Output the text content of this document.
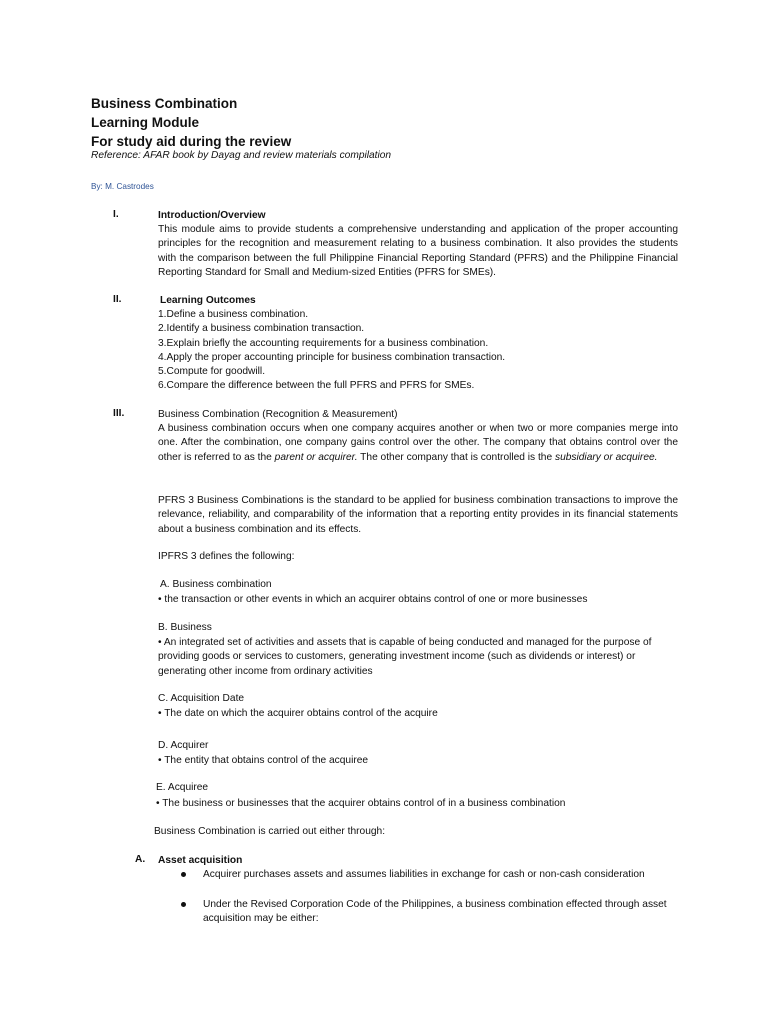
Business Combination

Learning Module

For study aid during the review

Reference: AFAR book by Dayag and review materials compilation

By: M. Castrodes

I.	Introduction/Overview
This module aims to provide students a comprehensive understanding and application of the proper accounting principles for the recognition and measurement relating to a business combination. It also provides the students with the comparison between the full Philippine Financial Reporting Standard (PFRS) and the Philippine Financial Reporting Standard for Small and Medium-sized Entities (PFRS for SMEs).
II.	Learning Outcomes
1.Define a business combination.
2.Identify a business combination transaction.
3.Explain briefly the accounting requirements for a business combination.
4.Apply the proper accounting principle for business combination transaction.
5.Compute for goodwill.
6.Compare the difference between the full PFRS and PFRS for SMEs.
III.	Business Combination (Recognition & Measurement)
A business combination occurs when one company acquires another or when two or more companies merge into one. After the combination, one company gains control over the other. The company that obtains control over the other is referred to as the parent or acquirer. The other company that is controlled is the subsidiary or acquiree.
PFRS 3 Business Combinations is the standard to be applied for business combination transactions to improve the relevance, reliability, and comparability of the information that a reporting entity provides in its financial statements about a business combination and its effects.
IPFRS 3 defines the following:
A. Business combination
• the transaction or other events in which an acquirer obtains control of one or more businesses
B. Business
• An integrated set of activities and assets that is capable of being conducted and managed for the purpose of providing goods or services to customers, generating investment income (such as dividends or interest) or generating other income from ordinary activities
C. Acquisition Date
• The date on which the acquirer obtains control of the acquire
D. Acquirer
• The entity that obtains control of the acquiree
E. Acquiree
• The business or businesses that the acquirer obtains control of in a business combination
Business Combination is carried out either through:
A. Asset acquisition
Acquirer purchases assets and assumes liabilities in exchange for cash or non-cash consideration
Under the Revised Corporation Code of the Philippines, a business combination effected through asset acquisition may be either:
